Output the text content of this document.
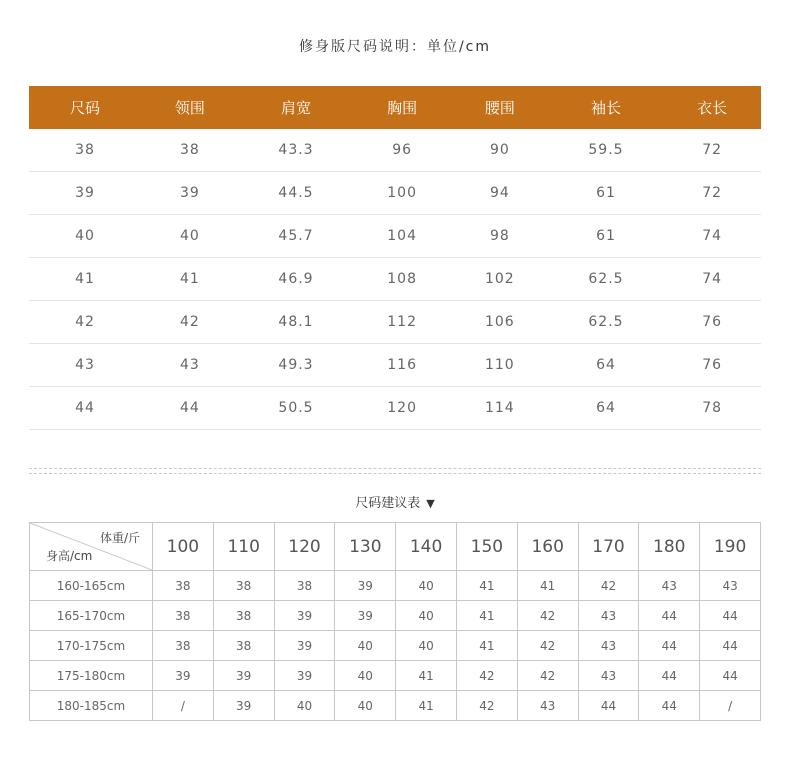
修身版尺码说明：单位/cm
尺码	领围	肩宽	胸围	腰围	袖长	衣长
38	38	43.3	96	90	59.5	72
39	39	44.5	100	94	61	72
40	40	45.7	104	98	61	74
41	41	46.9	108	102	62.5	74
42	42	48.1	112	106	62.5	76
43	43	49.3	116	110	64	76
44	44	50.5	120	114	64	78
尺码建议表 ▼
体重/斤
身高/cm	100	110	120	130	140	150	160	170	180	190
160-165cm	38	38	38	39	40	41	41	42	43	43
165-170cm	38	38	39	39	40	41	42	43	44	44
170-175cm	38	38	39	40	40	41	42	43	44	44
175-180cm	39	39	39	40	41	42	42	43	44	44
180-185cm	/	39	40	40	41	42	43	44	44	/
